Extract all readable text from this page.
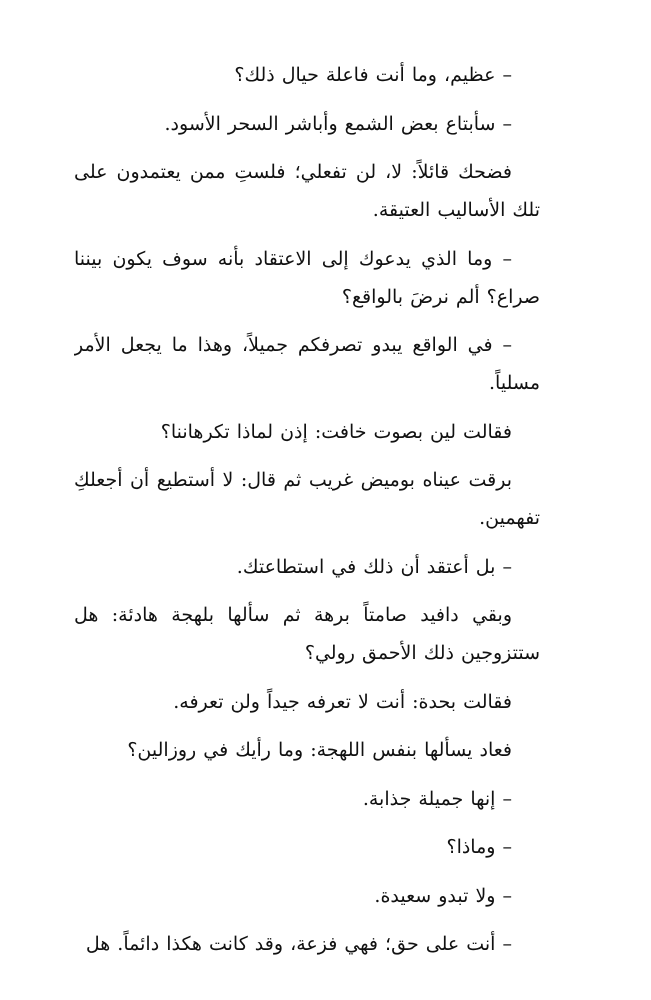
– عظيم، وما أنت فاعلة حيال ذلك؟

– سأبتاع بعض الشمع وأباشر السحر الأسود.

فضحك قائلاً: لا، لن تفعلي؛ فلستِ ممن يعتمدون على تلك الأساليب العتيقة.

– وما الذي يدعوك إلى الاعتقاد بأنه سوف يكون بيننا صراع؟ ألم نرضَ بالواقع؟

– في الواقع يبدو تصرفكم جميلاً، وهذا ما يجعل الأمر مسلياً.

فقالت لين بصوت خافت: إذن لماذا تكرهاننا؟

برقت عيناه بوميض غريب ثم قال: لا أستطيع أن أجعلكِ تفهمين.

– بل أعتقد أن ذلك في استطاعتك.

وبقي دافيد صامتاً برهة ثم سألها بلهجة هادئة: هل ستتزوجين ذلك الأحمق رولي؟

فقالت بحدة: أنت لا تعرفه جيداً ولن تعرفه.

فعاد يسألها بنفس اللهجة: وما رأيك في روزالين؟

– إنها جميلة جذابة.

– وماذا؟

– ولا تبدو سعيدة.

– أنت على حق؛ فهي فزعة، وقد كانت هكذا دائماً. هل
